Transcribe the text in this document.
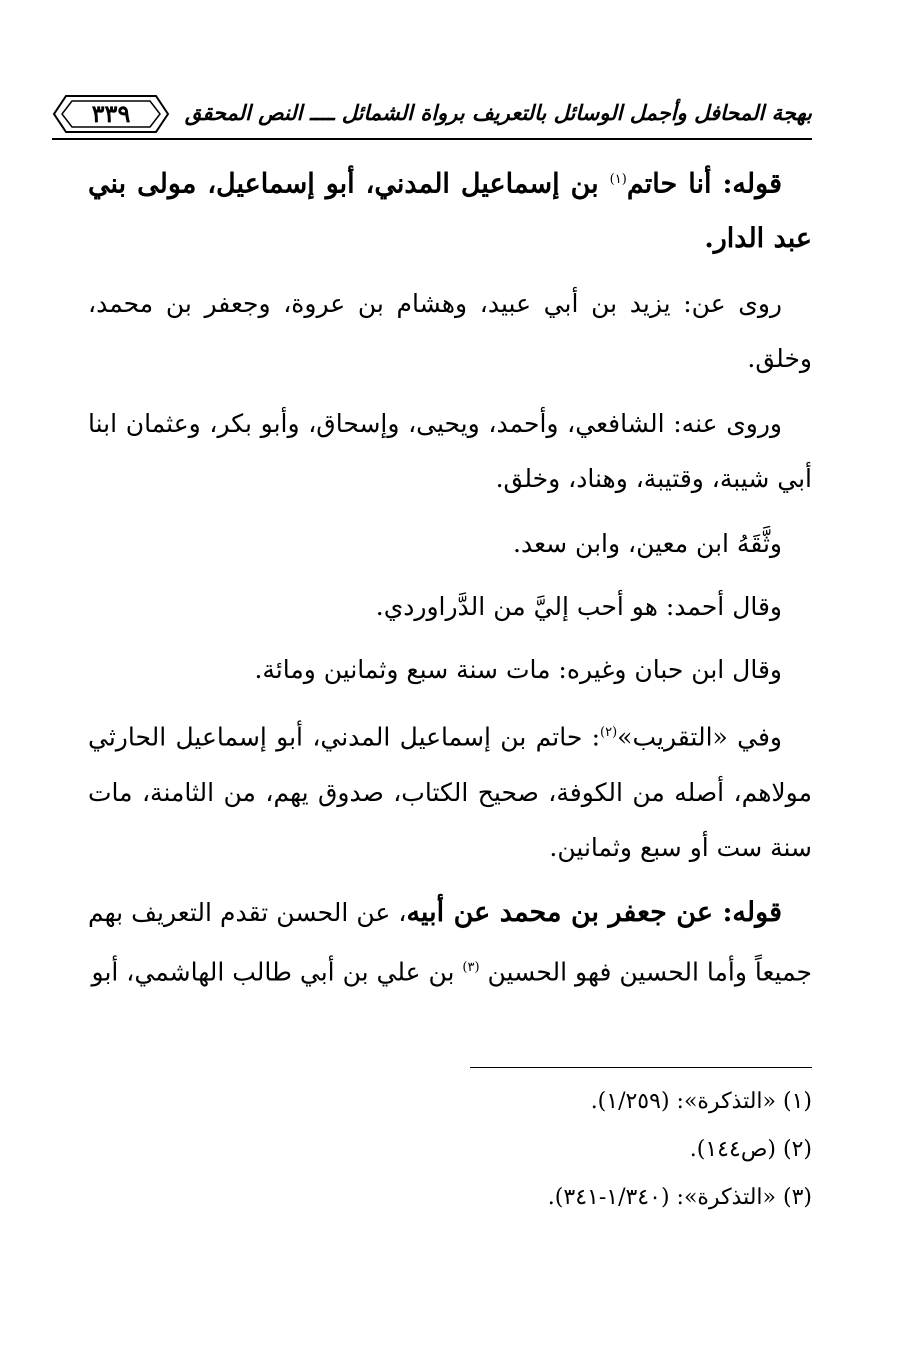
٣٣٩	بهجة المحافل وأجمل الوسائل بالتعريف برواة الشمائل ــــ النص المحقق

قوله: أنا حاتم$^{(١)}$ بن إسماعيل المدني، أبو إسماعيل، مولى بني عبد الدار.

روى عن: يزيد بن أبي عبيد، وهشام بن عروة، وجعفر بن محمد، وخلق.

وروى عنه: الشافعي، وأحمد، ويحيى، وإسحاق، وأبو بكر، وعثمان ابنا أبي شيبة، وقتيبة، وهناد، وخلق.

وثَّقَهُ ابن معين، وابن سعد.

وقال أحمد: هو أحب إليَّ من الدَّراوردي.

وقال ابن حبان وغيره: مات سنة سبع وثمانين ومائة.

وفي «التقريب»$^{(٢)}$: حاتم بن إسماعيل المدني، أبو إسماعيل الحارثي مولاهم، أصله من الكوفة، صحيح الكتاب، صدوق يهم، من الثامنة، مات سنة ست أو سبع وثمانين.

قوله: عن جعفر بن محمد عن أبيه، عن الحسن تقدم التعريف بهم جميعاً وأما الحسين فهو الحسين $^{(٣)}$ بن علي بن أبي طالب الهاشمي، أبو

(١) «التذكرة»: (١/٢٥٩).
(٢) (ص١٤٤).
(٣) «التذكرة»: (١/٣٤٠-٣٤١).
